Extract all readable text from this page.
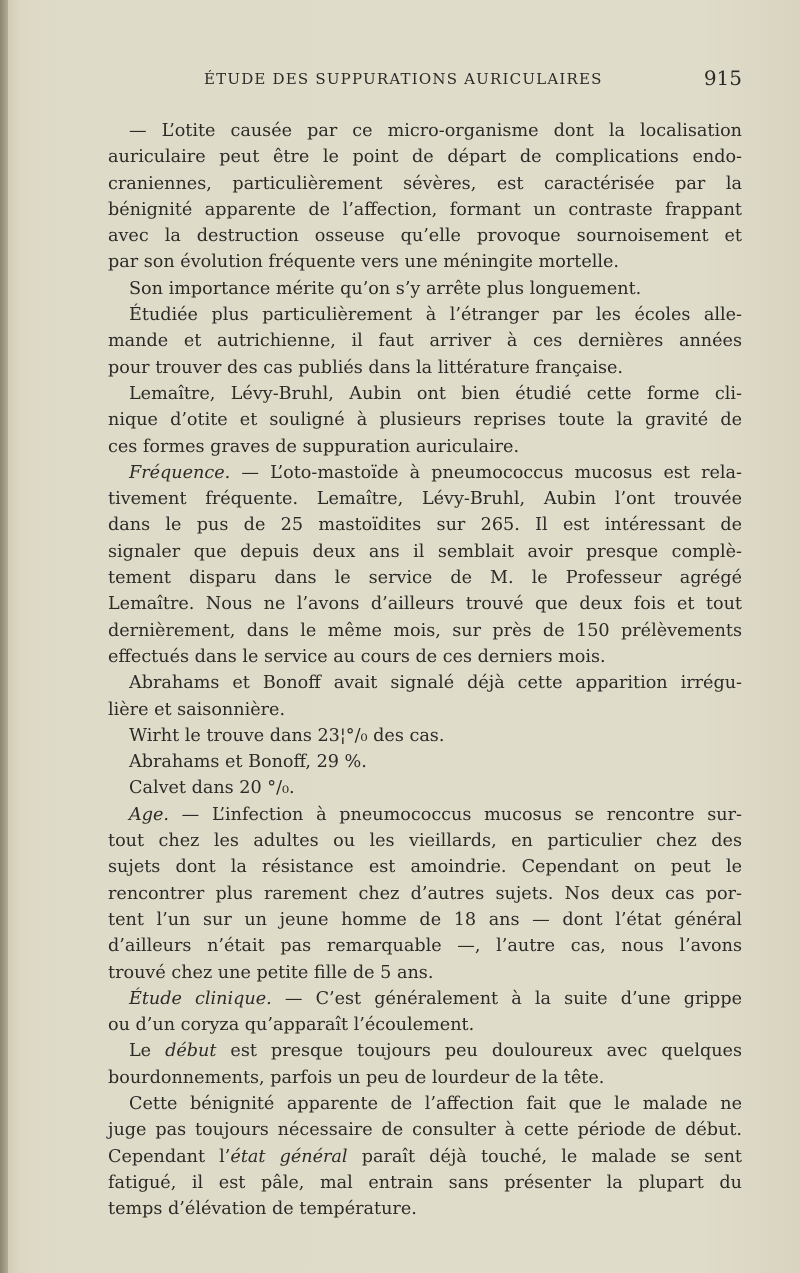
ÉTUDE DES SUPPURATIONS AURICULAIRES	915
— L’otite causée par ce micro-organisme dont la localisation
auriculaire peut être le point de départ de complications endo-
craniennes, particulièrement sévères, est caractérisée par la
bénignité apparente de l’affection, formant un contraste frappant
avec la destruction osseuse qu’elle provoque sournoisement et
par son évolution fréquente vers une méningite mortelle.
Son importance mérite qu’on s’y arrête plus longuement.
Étudiée plus particulièrement à l’étranger par les écoles alle-
mande et autrichienne, il faut arriver à ces dernières années
pour trouver des cas publiés dans la littérature française.
Lemaître, Lévy-Bruhl, Aubin ont bien étudié cette forme cli-
nique d’otite et souligné à plusieurs reprises toute la gravité de
ces formes graves de suppuration auriculaire.
Fréquence. — L’oto-mastoïde à pneumococcus mucosus est rela-
tivement fréquente. Lemaître, Lévy-Bruhl, Aubin l’ont trouvée
dans le pus de 25 mastoïdites sur 265. Il est intéressant de
signaler que depuis deux ans il semblait avoir presque complè-
tement disparu dans le service de M. le Professeur agrégé
Lemaître. Nous ne l’avons d’ailleurs trouvé que deux fois et tout
dernièrement, dans le même mois, sur près de 150 prélèvements
effectués dans le service au cours de ces derniers mois.
Abrahams et Bonoff avait signalé déjà cette apparition irrégu-
lière et saisonnière.
Wirht le trouve dans 23¦°/₀ des cas.
Abrahams et Bonoff, 29 %.
Calvet dans 20 °/₀.
Age. — L’infection à pneumococcus mucosus se rencontre sur-
tout chez les adultes ou les vieillards, en particulier chez des
sujets dont la résistance est amoindrie. Cependant on peut le
rencontrer plus rarement chez d’autres sujets. Nos deux cas por-
tent l’un sur un jeune homme de 18 ans — dont l’état général
d’ailleurs n’était pas remarquable —, l’autre cas, nous l’avons
trouvé chez une petite fille de 5 ans.
Étude clinique. — C’est généralement à la suite d’une grippe
ou d’un coryza qu’apparaît l’écoulement.
Le début est presque toujours peu douloureux avec quelques
bourdonnements, parfois un peu de lourdeur de la tête.
Cette bénignité apparente de l’affection fait que le malade ne
juge pas toujours nécessaire de consulter à cette période de début.
Cependant l’état général paraît déjà touché, le malade se sent
fatigué, il est pâle, mal entrain sans présenter la plupart du
temps d’élévation de température.
